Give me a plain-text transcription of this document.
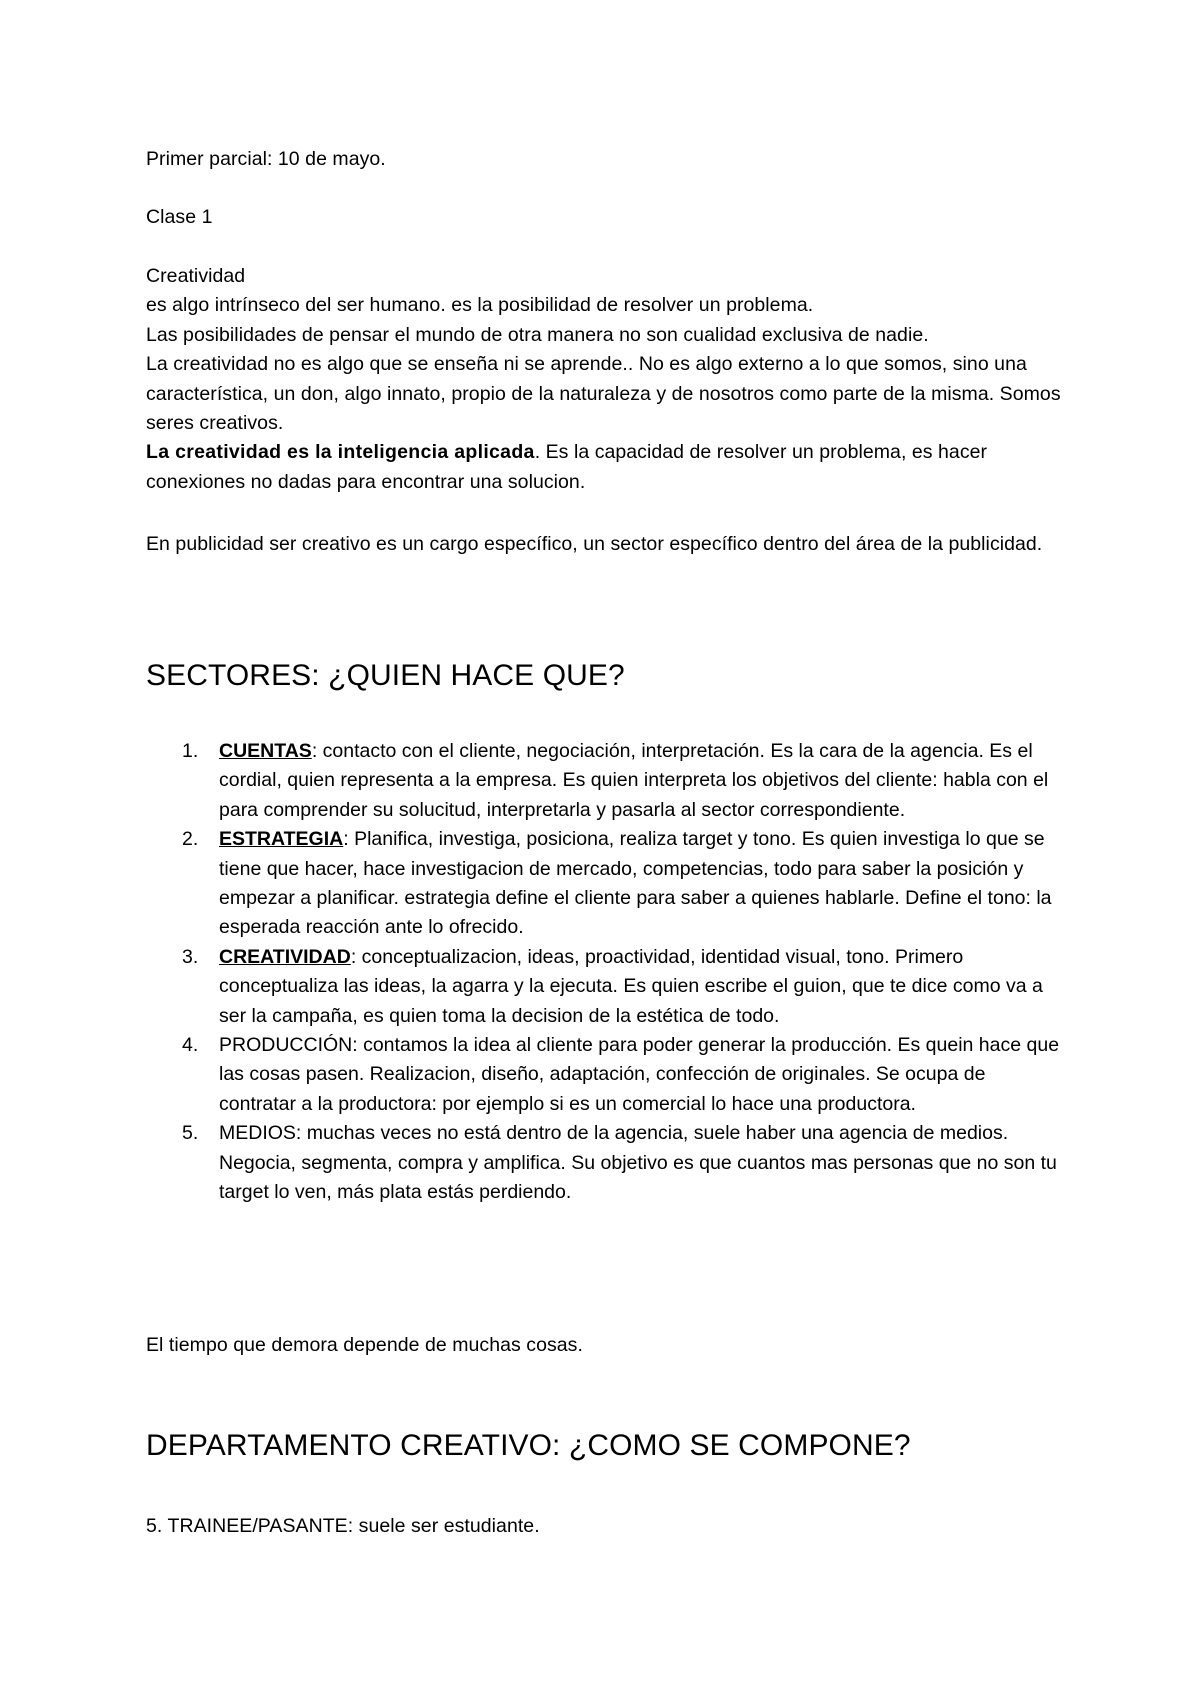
Primer parcial: 10 de mayo.

Clase 1

Creatividad

es algo intrínseco del ser humano. es la posibilidad de resolver un problema.

Las posibilidades de pensar el mundo de otra manera no son cualidad exclusiva de nadie.

La creatividad no es algo que se enseña ni se aprende.. No es algo externo a lo que somos, sino una característica, un don, algo innato, propio de la naturaleza y de nosotros como parte de la misma. Somos seres creativos.

La creatividad es la inteligencia aplicada. Es la capacidad de resolver un problema, es hacer conexiones no dadas para encontrar una solucion.

En publicidad ser creativo es un cargo específico, un sector específico dentro del área de la publicidad.

SECTORES: ¿QUIEN HACE QUE?
1. CUENTAS: contacto con el cliente, negociación, interpretación. Es la cara de la agencia. Es el cordial, quien representa a la empresa. Es quien interpreta los objetivos del cliente: habla con el para comprender su solucitud, interpretarla y pasarla al sector correspondiente.
2. ESTRATEGIA: Planifica, investiga, posiciona, realiza target y tono. Es quien investiga lo que se tiene que hacer, hace investigacion de mercado, competencias, todo para saber la posición y empezar a planificar. estrategia define el cliente para saber a quienes hablarle. Define el tono: la esperada reacción ante lo ofrecido.
3. CREATIVIDAD: conceptualizacion, ideas, proactividad, identidad visual, tono. Primero conceptualiza las ideas, la agarra y la ejecuta. Es quien escribe el guion, que te dice como va a ser la campaña, es quien toma la decision de la estética de todo.
4. PRODUCCIÓN: contamos la idea al cliente para poder generar la producción. Es quein hace que las cosas pasen. Realizacion, diseño, adaptación, confección de originales. Se ocupa de contratar a la productora: por ejemplo si es un comercial lo hace una productora.
5. MEDIOS: muchas veces no está dentro de la agencia, suele haber una agencia de medios. Negocia, segmenta, compra y amplifica. Su objetivo es que cuantos mas personas que no son tu target lo ven, más plata estás perdiendo.

El tiempo que demora depende de muchas cosas.

DEPARTAMENTO CREATIVO: ¿COMO SE COMPONE?

5. TRAINEE/PASANTE: suele ser estudiante.
